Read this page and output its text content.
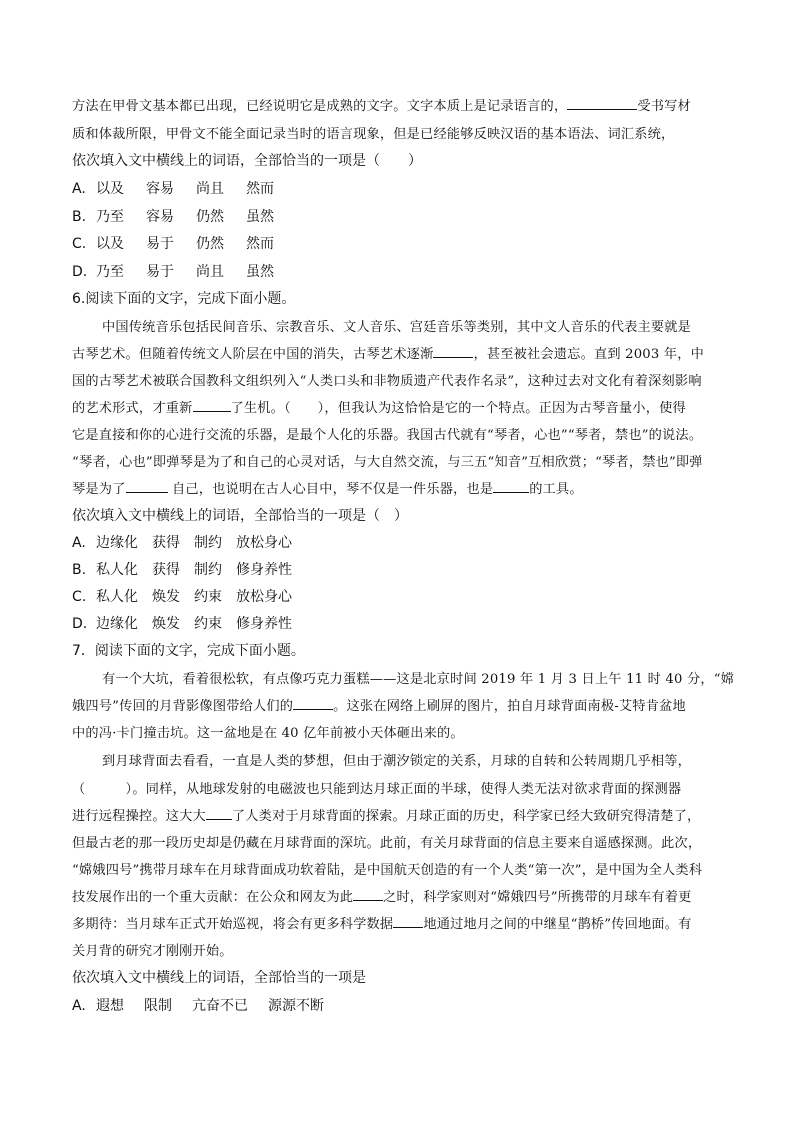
方法在甲骨文基本都已出现，已经说明它是成熟的文字。文字本质上是记录语言的，	受书写材
质和体裁所限，甲骨文不能全面记录当时的语言现象，但是已经能够反映汉语的基本语法、词汇系统，
依次填入文中横线上的词语，全部恰当的一项是（　　）
A. 以及 容易 尚且 然而
B. 乃至 容易 仍然 虽然
C. 以及 易于 仍然 然而
D. 乃至 易于 尚且 虽然
6.阅读下面的文字，完成下面小题。
中国传统音乐包括民间音乐、宗教音乐、文人音乐、宫廷音乐等类别，其中文人音乐的代表主要就是
古琴艺术。但随着传统文人阶层在中国的消失，古琴艺术逐渐	，甚至被社会遗忘。直到 2003 年，中
国的古琴艺术被联合国教科文组织列入“人类口头和非物质遗产代表作名录”，这种过去对文化有着深刻影响
的艺术形式，才重新	了生机。（　　），但我认为这恰恰是它的一个特点。正因为古琴音量小，使得
它是直接和你的心进行交流的乐器，是最个人化的乐器。我国古代就有“琴者，心也”“琴者，禁也”的说法。
“琴者，心也”即弹琴是为了和自己的心灵对话，与大自然交流，与三五“知音”互相欣赏；“琴者，禁也”即弹
琴是为了	自己，也说明在古人心目中，琴不仅是一件乐器，也是	的工具。
依次填入文中横线上的词语，全部恰当的一项是（　）
A. 边缘化 获得 制约 放松身心
B. 私人化 获得 制约 修身养性
C. 私人化 焕发 约束 放松身心
D. 边缘化 焕发 约束 修身养性
7．阅读下面的文字，完成下面小题。
有一个大坑，看着很松软，有点像巧克力蛋糕——这是北京时间 2019 年 1 月 3 日上午 11 时 40 分，“嫦
娥四号”传回的月背影像图带给人们的	。这张在网络上刷屏的图片，拍自月球背面南极-艾特肯盆地
中的冯·卡门撞击坑。这一盆地是在 40 亿年前被小天体砸出来的。
到月球背面去看看，一直是人类的梦想，但由于潮汐锁定的关系，月球的自转和公转周期几乎相等，
（　　　）。同样，从地球发射的电磁波也只能到达月球正面的半球，使得人类无法对欲求背面的探测器
进行远程操控。这大大 了人类对于月球背面的探索。月球正面的历史，科学家已经大致研究得清楚了，
但最古老的那一段历史却是仍藏在月球背面的深坑。此前，有关月球背面的信息主要来自遥感探测。此次，
“嫦娥四号”携带月球车在月球背面成功软着陆，是中国航天创造的有一个人类“第一次”，是中国为全人类科
技发展作出的一个重大贡献：在公众和网友为此 之时，科学家则对“嫦娥四号”所携带的月球车有着更
多期待：当月球车正式开始巡视，将会有更多科学数据 地通过地月之间的中继星“鹊桥”传回地面。有
关月背的研究才刚刚开始。
依次填入文中横线上的词语，全部恰当的一项是
A. 遐想 限制 亢奋不已 源源不断
